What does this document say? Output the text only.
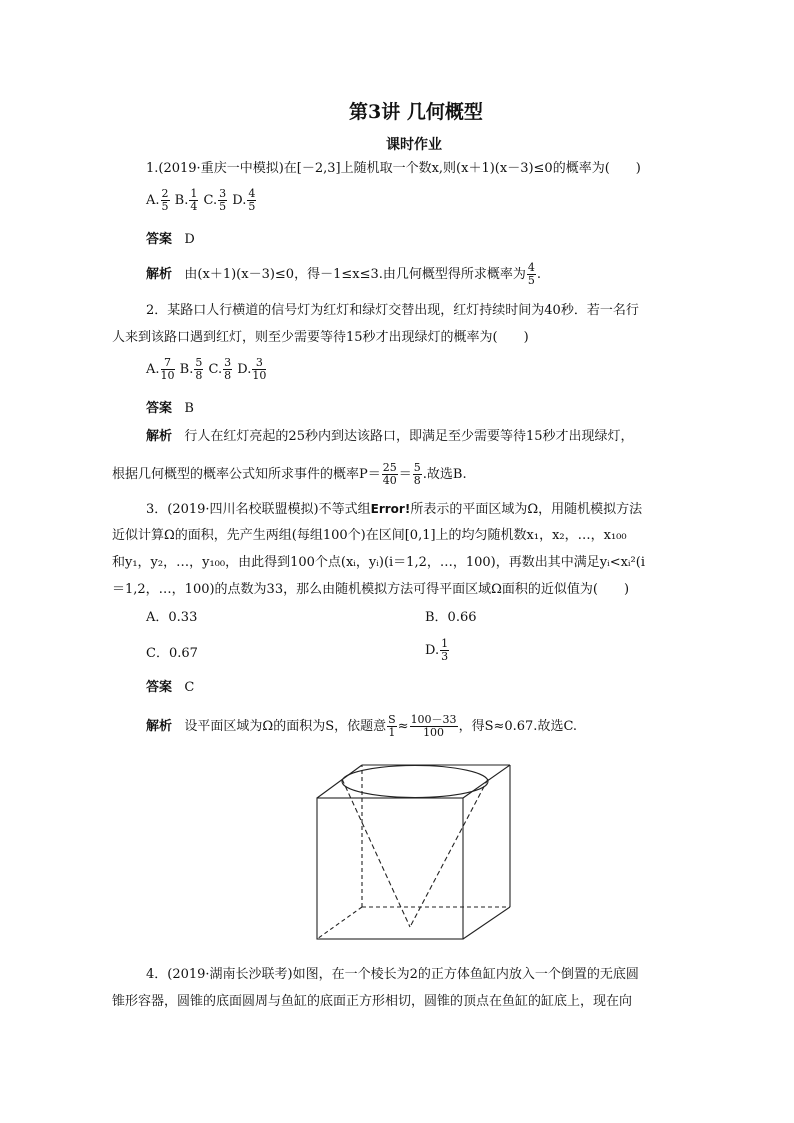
第3讲 几何概型
课时作业
1.(2019·重庆一中模拟)在[－2,3]上随机取一个数x,则(x＋1)(x－3)≤0的概率为(　　)
A. $\frac{2}{5} B$. $\frac{1}{4} C$. $\frac{3}{5} D$. $\frac{4}{5}$
答案 D
解析 由(x＋1)(x－3)≤0，得－1≤x≤3.由几何概型得所求概率为 $\frac{4}{5}$ .
2．某路口人行横道的信号灯为红灯和绿灯交替出现，红灯持续时间为40秒．若一名行
人来到该路口遇到红灯，则至少需要等待15秒才出现绿灯的概率为(　　)
A. $\frac{7}{10} B$. $\frac{5}{8} C$. $\frac{3}{8} D$. $\frac{3}{10}$
答案 B
解析 行人在红灯亮起的25秒内到达该路口，即满足至少需要等待15秒才出现绿灯，
根据几何概型的概率公式知所求事件的概率$P= \frac{25}{40} = \frac{5}{8}$ .故选B.
3．(2019·四川名校联盟模拟)不等式组Error!所表示的平面区域为Ω，用随机模拟方法
近似计算Ω的面积，先产生两组(每组100个)在区间[0,1]上的均匀随机数x₁，x₂，…，x₁₀₀
和y₁，y₂，…，y₁₀₀，由此得到100个点(xᵢ，yᵢ)(i＝1,2，…，100)，再数出其中满足yᵢ<xᵢ²(i
＝1,2，…，100)的点数为33，那么由随机模拟方法可得平面区域Ω面积的近似值为(　　)
A．0.33	B．0.66
C．0.67	D. $\frac{1}{3}$
答案 C
解析 设平面区域为Ω的面积为S，依题意 $\frac{S}{1} \approx \frac{100-33}{100}$ ，得S≈0.67.故选C.
4．(2019·湖南长沙联考)如图，在一个棱长为2的正方体鱼缸内放入一个倒置的无底圆
锥形容器，圆锥的底面圆周与鱼缸的底面正方形相切，圆锥的顶点在鱼缸的缸底上，现在向
